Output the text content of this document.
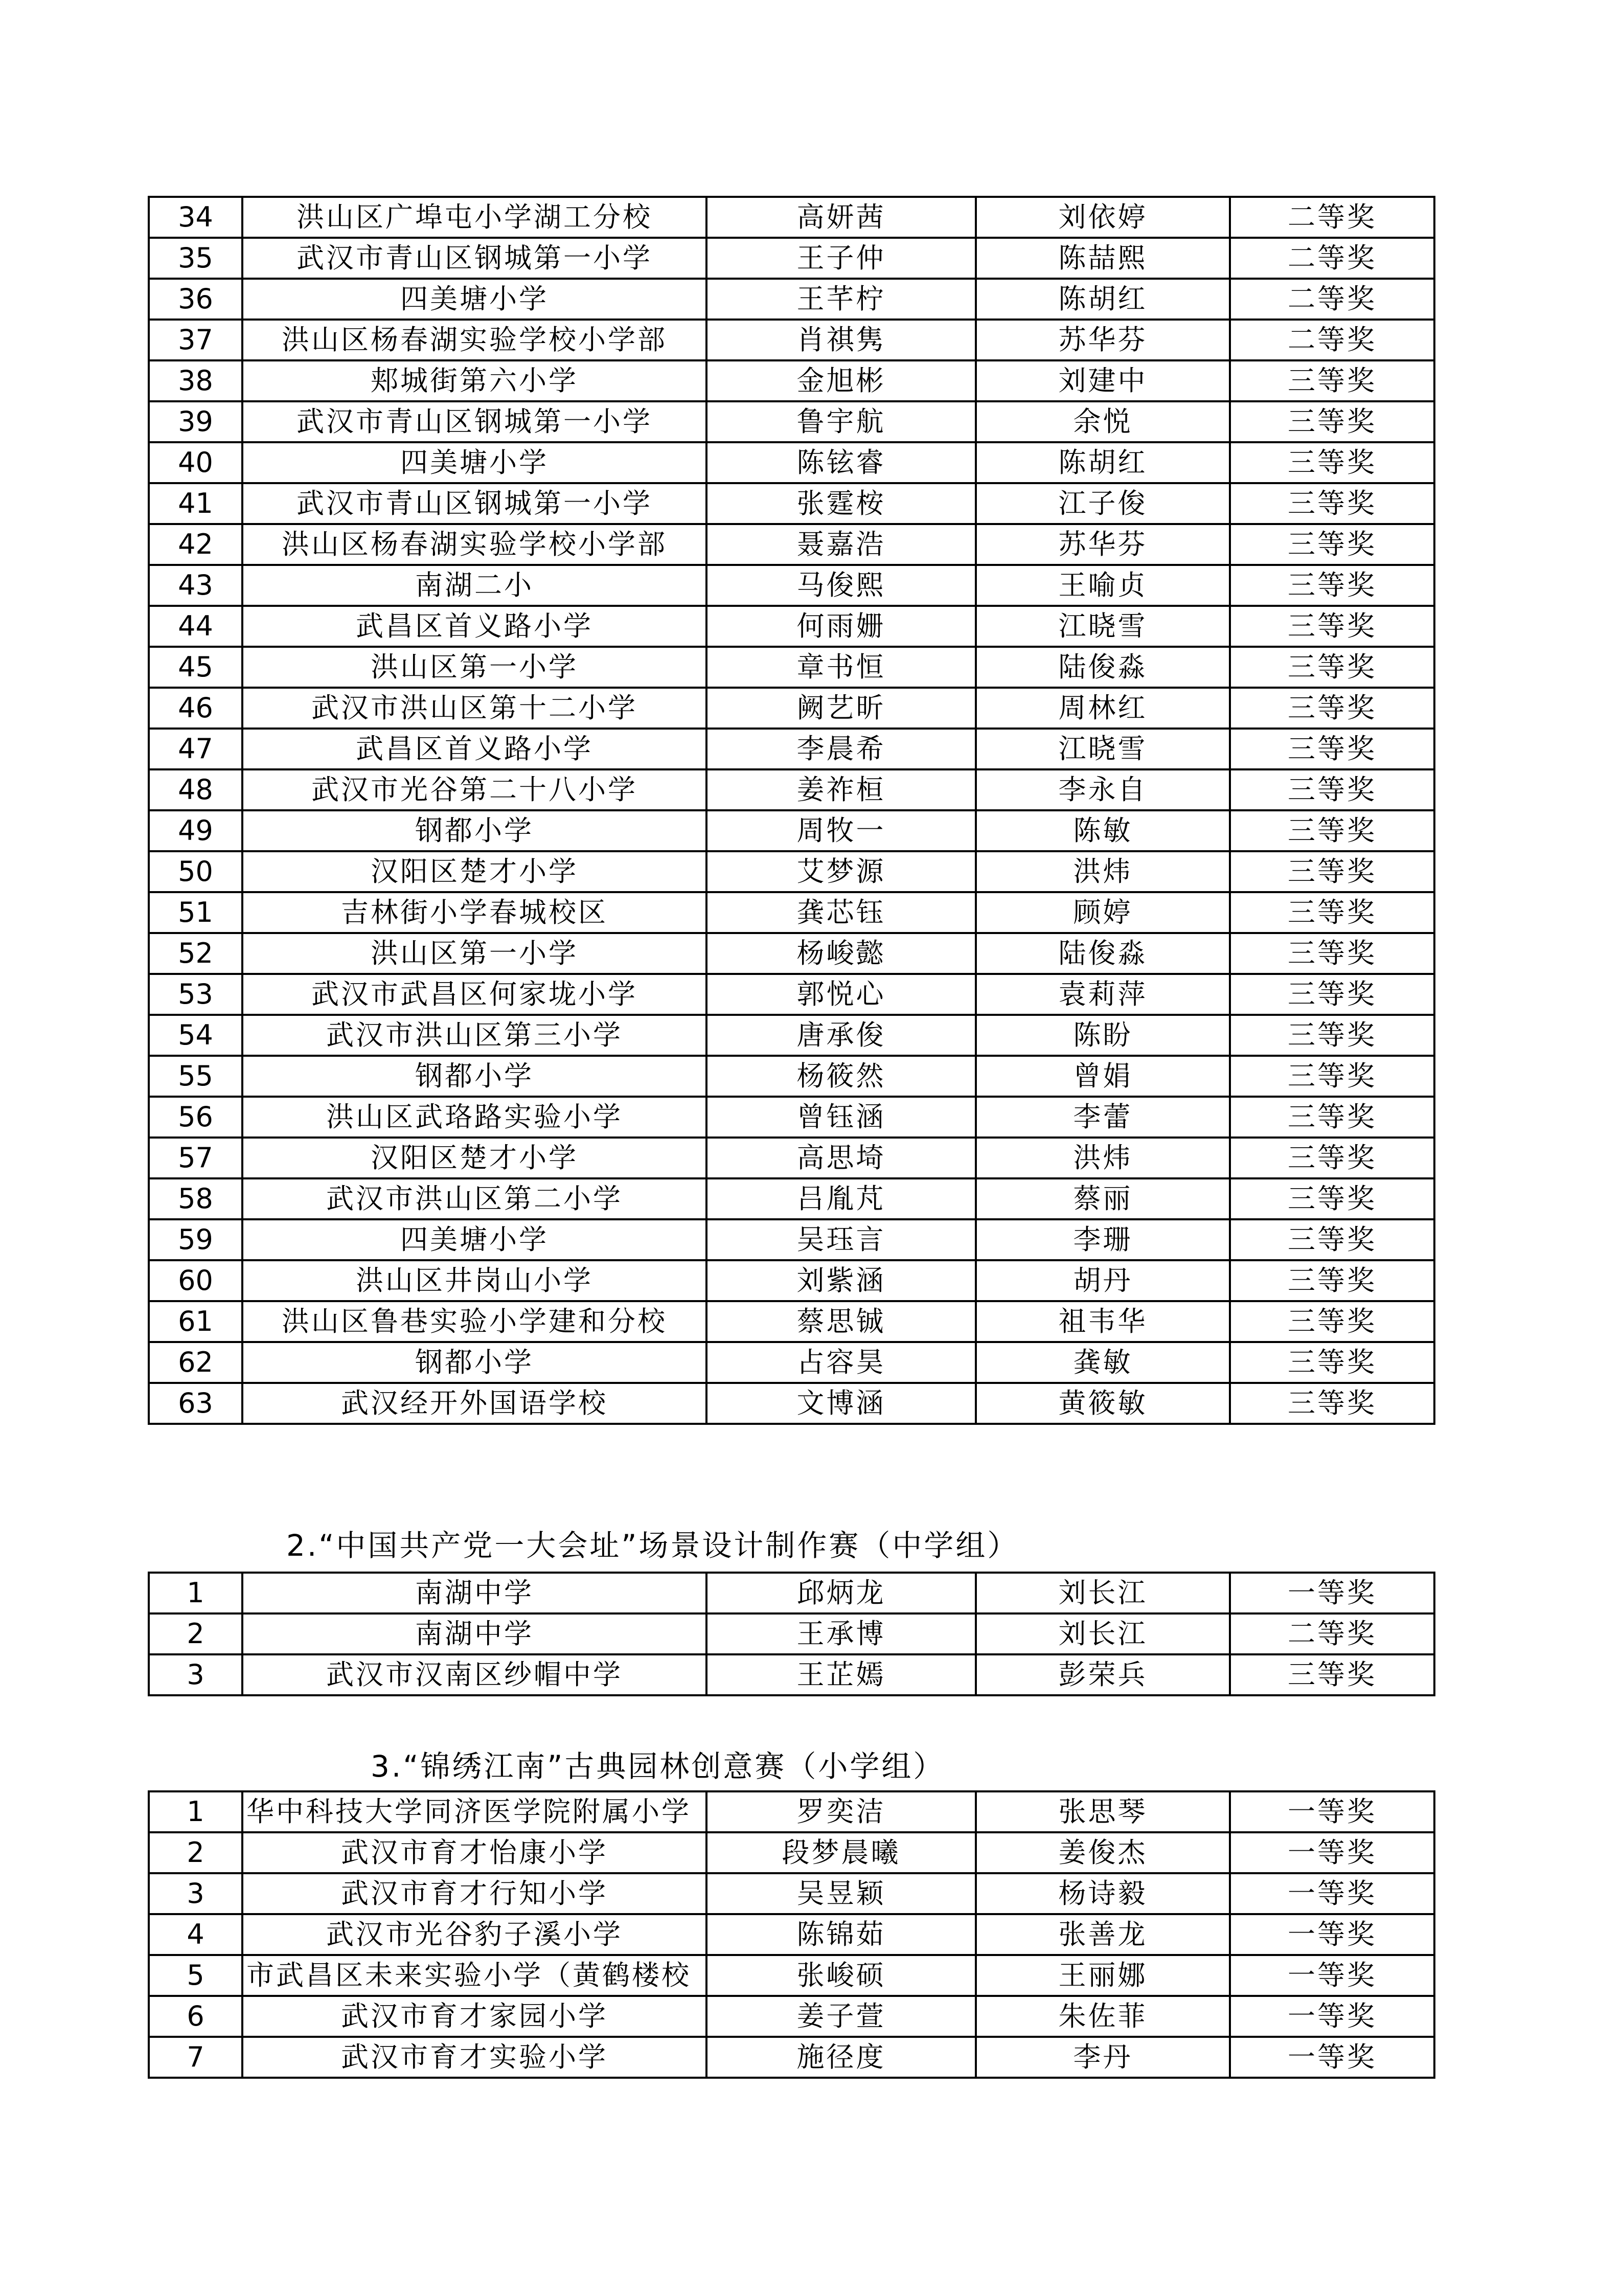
34	洪山区广埠屯小学湖工分校	高妍茜	刘依婷	二等奖
35	武汉市青山区钢城第一小学	王子仲	陈喆熙	二等奖
36	四美塘小学	王芊柠	陈胡红	二等奖
37	洪山区杨春湖实验学校小学部	肖祺隽	苏华芬	二等奖
38	郏城街第六小学	金旭彬	刘建中	三等奖
39	武汉市青山区钢城第一小学	鲁宇航	余悦	三等奖
40	四美塘小学	陈铉睿	陈胡红	三等奖
41	武汉市青山区钢城第一小学	张霆桉	江子俊	三等奖
42	洪山区杨春湖实验学校小学部	聂嘉浩	苏华芬	三等奖
43	南湖二小	马俊熙	王喻贞	三等奖
44	武昌区首义路小学	何雨姗	江晓雪	三等奖
45	洪山区第一小学	章书恒	陆俊淼	三等奖
46	武汉市洪山区第十二小学	阙艺昕	周林红	三等奖
47	武昌区首义路小学	李晨希	江晓雪	三等奖
48	武汉市光谷第二十八小学	姜祚桓	李永自	三等奖
49	钢都小学	周牧一	陈敏	三等奖
50	汉阳区楚才小学	艾梦源	洪炜	三等奖
51	吉林街小学春城校区	龚芯钰	顾婷	三等奖
52	洪山区第一小学	杨峻懿	陆俊淼	三等奖
53	武汉市武昌区何家垅小学	郭悦心	袁莉萍	三等奖
54	武汉市洪山区第三小学	唐承俊	陈盼	三等奖
55	钢都小学	杨筱然	曾娟	三等奖
56	洪山区武珞路实验小学	曾钰涵	李蕾	三等奖
57	汉阳区楚才小学	高思埼	洪炜	三等奖
58	武汉市洪山区第二小学	吕胤芃	蔡丽	三等奖
59	四美塘小学	吴珏言	李珊	三等奖
60	洪山区井岗山小学	刘紫涵	胡丹	三等奖
61	洪山区鲁巷实验小学建和分校	蔡思铖	祖韦华	三等奖
62	钢都小学	占容昊	龚敏	三等奖
63	武汉经开外国语学校	文博涵	黄筱敏	三等奖
2.“中国共产党一大会址”场景设计制作赛（中学组）
1	南湖中学	邱炳龙	刘长江	一等奖
2	南湖中学	王承博	刘长江	二等奖
3	武汉市汉南区纱帽中学	王芷嫣	彭荣兵	三等奖
3.“锦绣江南”古典园林创意赛（小学组）
1	华中科技大学同济医学院附属小学	罗奕洁	张思琴	一等奖
2	武汉市育才怡康小学	段梦晨曦	姜俊杰	一等奖
3	武汉市育才行知小学	吴昱颖	杨诗毅	一等奖
4	武汉市光谷豹子溪小学	陈锦茹	张善龙	一等奖
5	市武昌区未来实验小学（黄鹤楼校	张峻硕	王丽娜	一等奖
6	武汉市育才家园小学	姜子萱	朱佐菲	一等奖
7	武汉市育才实验小学	施径度	李丹	一等奖
